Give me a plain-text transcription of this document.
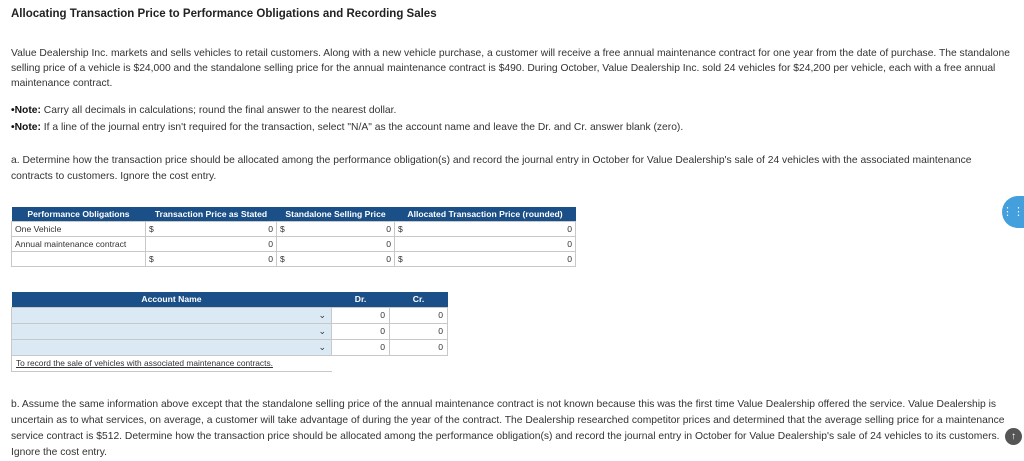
Allocating Transaction Price to Performance Obligations and Recording Sales
Value Dealership Inc. markets and sells vehicles to retail customers. Along with a new vehicle purchase, a customer will receive a free annual maintenance contract for one year from the date of purchase. The standalone selling price of a vehicle is $24,000 and the standalone selling price for the annual maintenance contract is $490. During October, Value Dealership Inc. sold 24 vehicles for $24,200 per vehicle, each with a free annual maintenance contract.
•Note: Carry all decimals in calculations; round the final answer to the nearest dollar.
•Note: If a line of the journal entry isn't required for the transaction, select "N/A" as the account name and leave the Dr. and Cr. answer blank (zero).
a. Determine how the transaction price should be allocated among the performance obligation(s) and record the journal entry in October for Value Dealership's sale of 24 vehicles with the associated maintenance contracts to customers. Ignore the cost entry.
Performance Obligations	Transaction Price as Stated	Standalone Selling Price	Allocated Transaction Price (rounded)
One Vehicle	$ 0	$ 0	$ 0

Annual maintenance contract	0	0	0

	$ 0	$ 0	$ 0
Account Name	Dr.	Cr.

⌄	0	0

⌄	0	0

⌄	0	0
To record the sale of vehicles with associated maintenance contracts.		
b. Assume the same information above except that the standalone selling price of the annual maintenance contract is not known because this was the first time Value Dealership offered the service. Value Dealership is uncertain as to what services, on average, a customer will take advantage of during the year of the contract. The Dealership researched competitor prices and determined that the average selling price for a maintenance service contract is $512. Determine how the transaction price should be allocated among the performance obligation(s) and record the journal entry in October for Value Dealership's sale of 24 vehicles to its customers. Ignore the cost entry.
⋮⋮
↑
